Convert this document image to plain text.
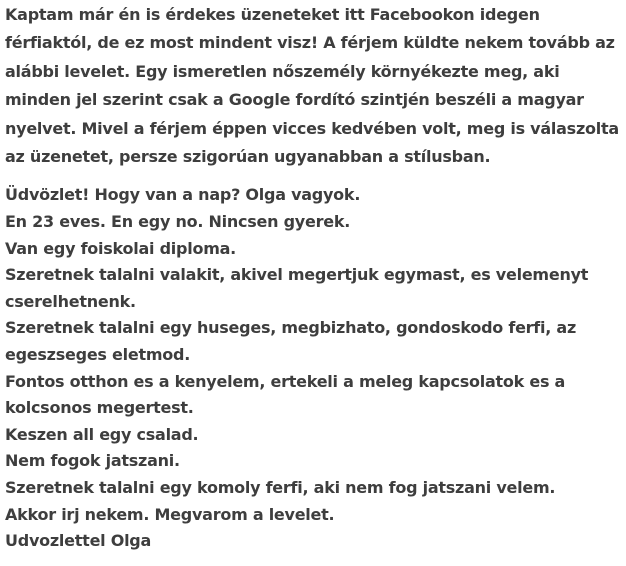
Kaptam már én is érdekes üzeneteket itt Facebookon idegen férfiaktól, de ez most mindent visz! A férjem küldte nekem tovább az alábbi levelet. Egy ismeretlen nőszemély környékezte meg, aki minden jel szerint csak a Google fordító szintjén beszéli a magyar nyelvet. Mivel a férjem éppen vicces kedvében volt, meg is válaszolta az üzenetet, persze szigorúan ugyanabban a stílusban.
Üdvözlet! Hogy van a nap? Olga vagyok.
En 23 eves. En egy no. Nincsen gyerek.
Van egy foiskolai diploma.
Szeretnek talalni valakit, akivel megertjuk egymast, es velemenyt cserelhetnenk.
Szeretnek talalni egy huseges, megbizhato, gondoskodo ferfi, az egeszseges eletmod.
Fontos otthon es a kenyelem, ertekeli a meleg kapcsolatok es a kolcsonos megertest.
Keszen all egy csalad.
Nem fogok jatszani.
Szeretnek talalni egy komoly ferfi, aki nem fog jatszani velem.
Akkor irj nekem. Megvarom a levelet.
Udvozlettel Olga
